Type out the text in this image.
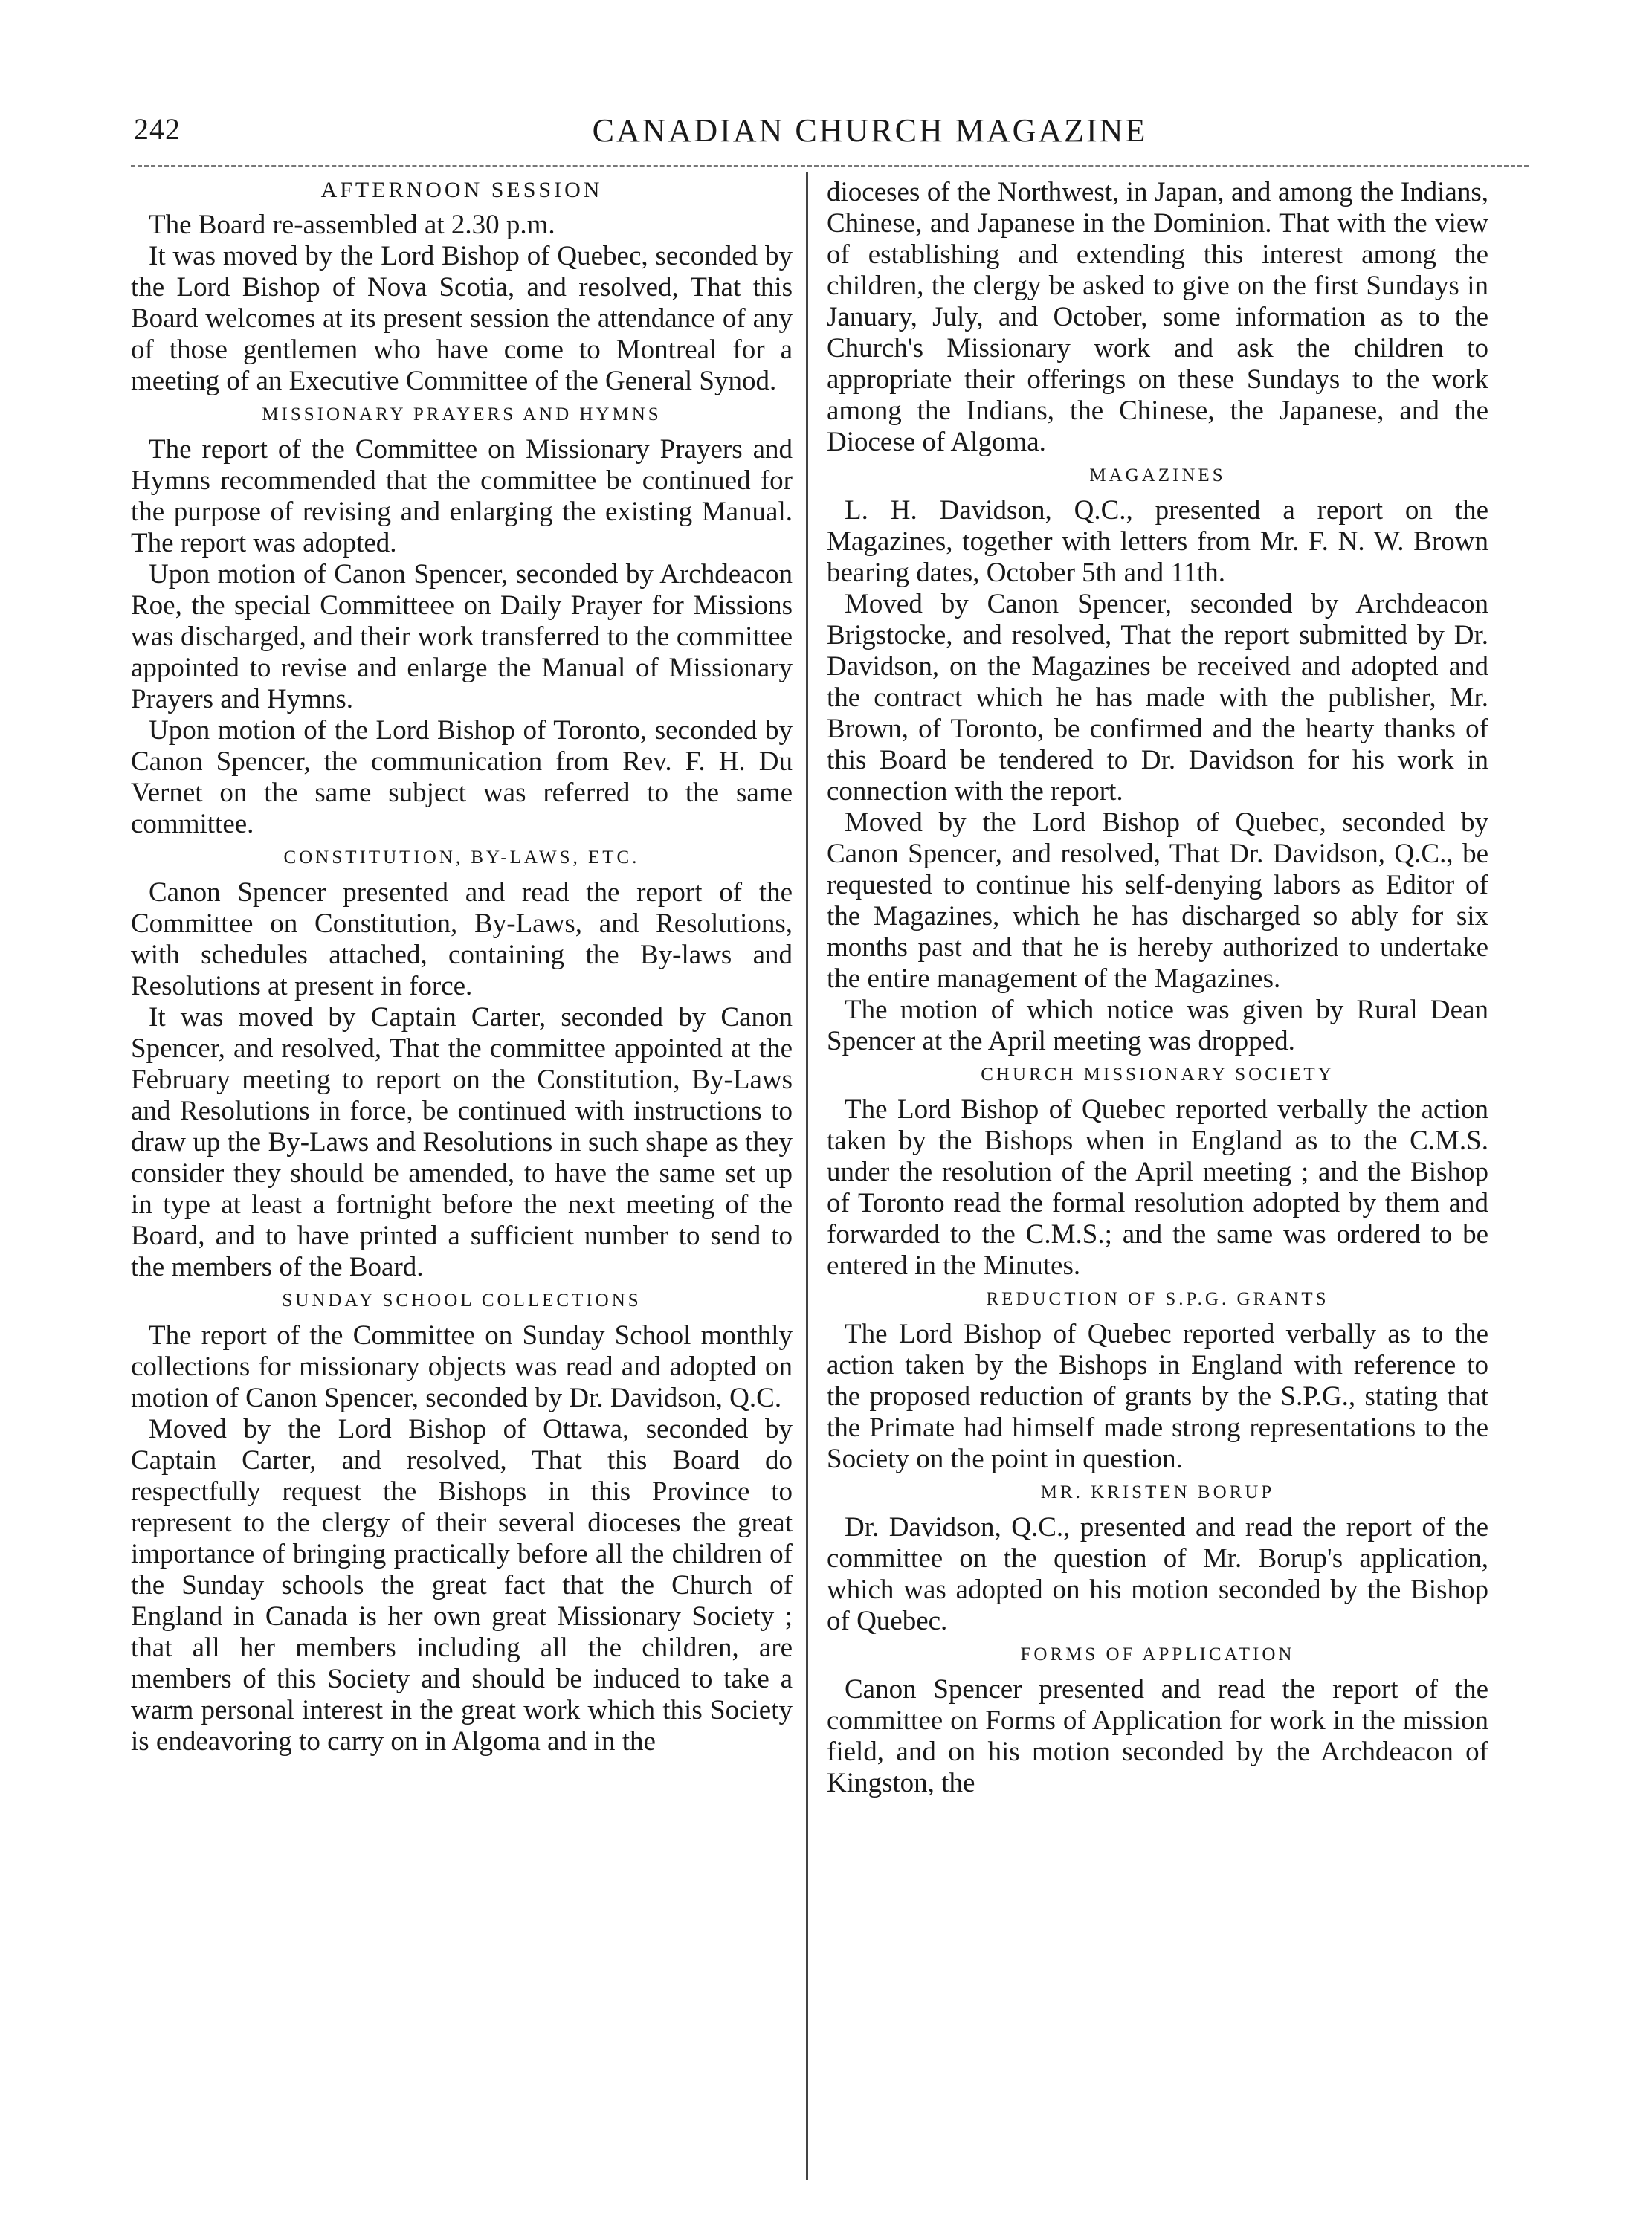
242	CANADIAN CHURCH MAGAZINE
AFTERNOON SESSION

The Board re-assembled at 2.30 p.m.

It was moved by the Lord Bishop of Quebec, seconded by the Lord Bishop of Nova Scotia, and resolved, That this Board welcomes at its present session the attendance of any of those gentlemen who have come to Montreal for a meeting of an Executive Committee of the General Synod.

MISSIONARY PRAYERS AND HYMNS

The report of the Committee on Missionary Prayers and Hymns recommended that the committee be continued for the purpose of revising and enlarging the existing Manual. The report was adopted.

Upon motion of Canon Spencer, seconded by Archdeacon Roe, the special Committeee on Daily Prayer for Missions was discharged, and their work transferred to the committee appointed to revise and enlarge the Manual of Missionary Prayers and Hymns.

Upon motion of the Lord Bishop of Toronto, seconded by Canon Spencer, the communication from Rev. F. H. Du Vernet on the same subject was referred to the same committee.

CONSTITUTION, BY-LAWS, ETC.

Canon Spencer presented and read the report of the Committee on Constitution, By-Laws, and Resolutions, with schedules attached, containing the By-laws and Resolutions at present in force.

It was moved by Captain Carter, seconded by Canon Spencer, and resolved, That the committee appointed at the February meeting to report on the Constitution, By-Laws and Resolutions in force, be continued with instructions to draw up the By-Laws and Resolutions in such shape as they consider they should be amended, to have the same set up in type at least a fortnight before the next meeting of the Board, and to have printed a sufficient number to send to the members of the Board.

SUNDAY SCHOOL COLLECTIONS

The report of the Committee on Sunday School monthly collections for missionary objects was read and adopted on motion of Canon Spencer, seconded by Dr. Davidson, Q.C.

Moved by the Lord Bishop of Ottawa, seconded by Captain Carter, and resolved, That this Board do respectfully request the Bishops in this Province to represent to the clergy of their several dioceses the great importance of bringing practically before all the children of the Sunday schools the great fact that the Church of England in Canada is her own great Missionary Society ; that all her members including all the children, are members of this Society and should be induced to take a warm personal interest in the great work which this Society is endeavoring to carry on in Algoma and in the

dioceses of the Northwest, in Japan, and among the Indians, Chinese, and Japanese in the Dominion. That with the view of establishing and extending this interest among the children, the clergy be asked to give on the first Sundays in January, July, and October, some information as to the Church's Missionary work and ask the children to appropriate their offerings on these Sundays to the work among the Indians, the Chinese, the Japanese, and the Diocese of Algoma.

MAGAZINES

L. H. Davidson, Q.C., presented a report on the Magazines, together with letters from Mr. F. N. W. Brown bearing dates, October 5th and 11th.

Moved by Canon Spencer, seconded by Archdeacon Brigstocke, and resolved, That the report submitted by Dr. Davidson, on the Magazines be received and adopted and the contract which he has made with the publisher, Mr. Brown, of Toronto, be confirmed and the hearty thanks of this Board be tendered to Dr. Davidson for his work in connection with the report.

Moved by the Lord Bishop of Quebec, seconded by Canon Spencer, and resolved, That Dr. Davidson, Q.C., be requested to continue his self-denying labors as Editor of the Magazines, which he has discharged so ably for six months past and that he is hereby authorized to undertake the entire management of the Magazines.

The motion of which notice was given by Rural Dean Spencer at the April meeting was dropped.

CHURCH MISSIONARY SOCIETY

The Lord Bishop of Quebec reported verbally the action taken by the Bishops when in England as to the C.M.S. under the resolution of the April meeting ; and the Bishop of Toronto read the formal resolution adopted by them and forwarded to the C.M.S.; and the same was ordered to be entered in the Minutes.

REDUCTION OF S.P.G. GRANTS

The Lord Bishop of Quebec reported verbally as to the action taken by the Bishops in England with reference to the proposed reduction of grants by the S.P.G., stating that the Primate had himself made strong representations to the Society on the point in question.

MR. KRISTEN BORUP

Dr. Davidson, Q.C., presented and read the report of the committee on the question of Mr. Borup's application, which was adopted on his motion seconded by the Bishop of Quebec.

FORMS OF APPLICATION

Canon Spencer presented and read the report of the committee on Forms of Application for work in the mission field, and on his motion seconded by the Archdeacon of Kingston, the
